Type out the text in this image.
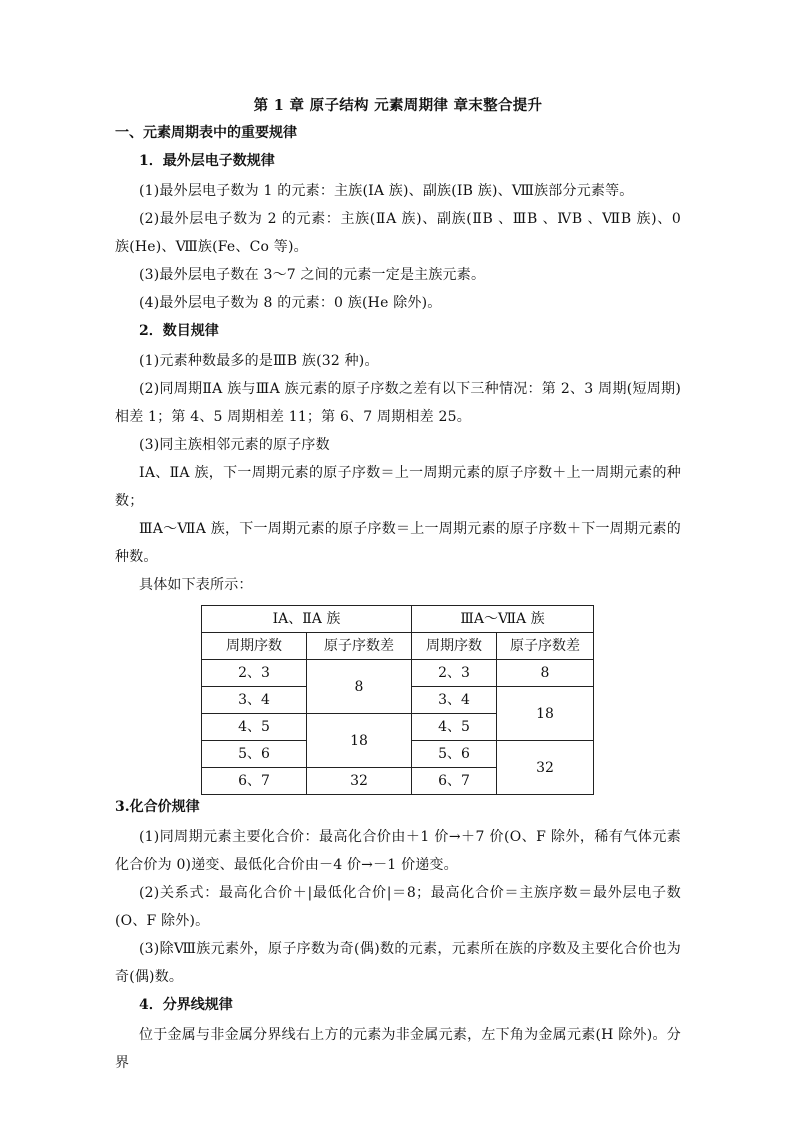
第 1 章 原子结构 元素周期律 章末整合提升
一、元素周期表中的重要规律
1．最外层电子数规律

(1)最外层电子数为 1 的元素：主族(ⅠA 族)、副族(ⅠB 族)、Ⅷ族部分元素等。

(2)最外层电子数为 2 的元素：主族(ⅡA 族)、副族(ⅡB 、ⅢB 、ⅣB 、ⅦB 族)、0 族(He)、Ⅷ族(Fe、Co 等)。

(3)最外层电子数在 3～7 之间的元素一定是主族元素。

(4)最外层电子数为 8 的元素：0 族(He 除外)。

2．数目规律

(1)元素种数最多的是ⅢB 族(32 种)。

(2)同周期ⅡA 族与ⅢA 族元素的原子序数之差有以下三种情况：第 2、3 周期(短周期)相差 1；第 4、5 周期相差 11；第 6、7 周期相差 25。

(3)同主族相邻元素的原子序数

ⅠA、ⅡA 族，下一周期元素的原子序数＝上一周期元素的原子序数＋上一周期元素的种数；

ⅢA～ⅦA 族，下一周期元素的原子序数＝上一周期元素的原子序数＋下一周期元素的种数。

具体如下表所示：

ⅠA、ⅡA 族		ⅢA～ⅦA 族	
周期序数	原子序数差	周期序数	原子序数差
2、3	8	2、3	8
3、4		3、4	18
4、5	18	4、5	
5、6		5、6	32
6、7	32	6、7	
3.化合价规律

(1)同周期元素主要化合价：最高化合价由＋1 价→＋7 价(O、F 除外，稀有气体元素化合价为 0)递变、最低化合价由－4 价→－1 价递变。

(2)关系式：最高化合价＋|最低化合价|＝8；最高化合价＝主族序数＝最外层电子数(O、F 除外)。

(3)除Ⅷ族元素外，原子序数为奇(偶)数的元素，元素所在族的序数及主要化合价也为奇(偶)数。

4．分界线规律

位于金属与非金属分界线右上方的元素为非金属元素，左下角为金属元素(H 除外)。分界
